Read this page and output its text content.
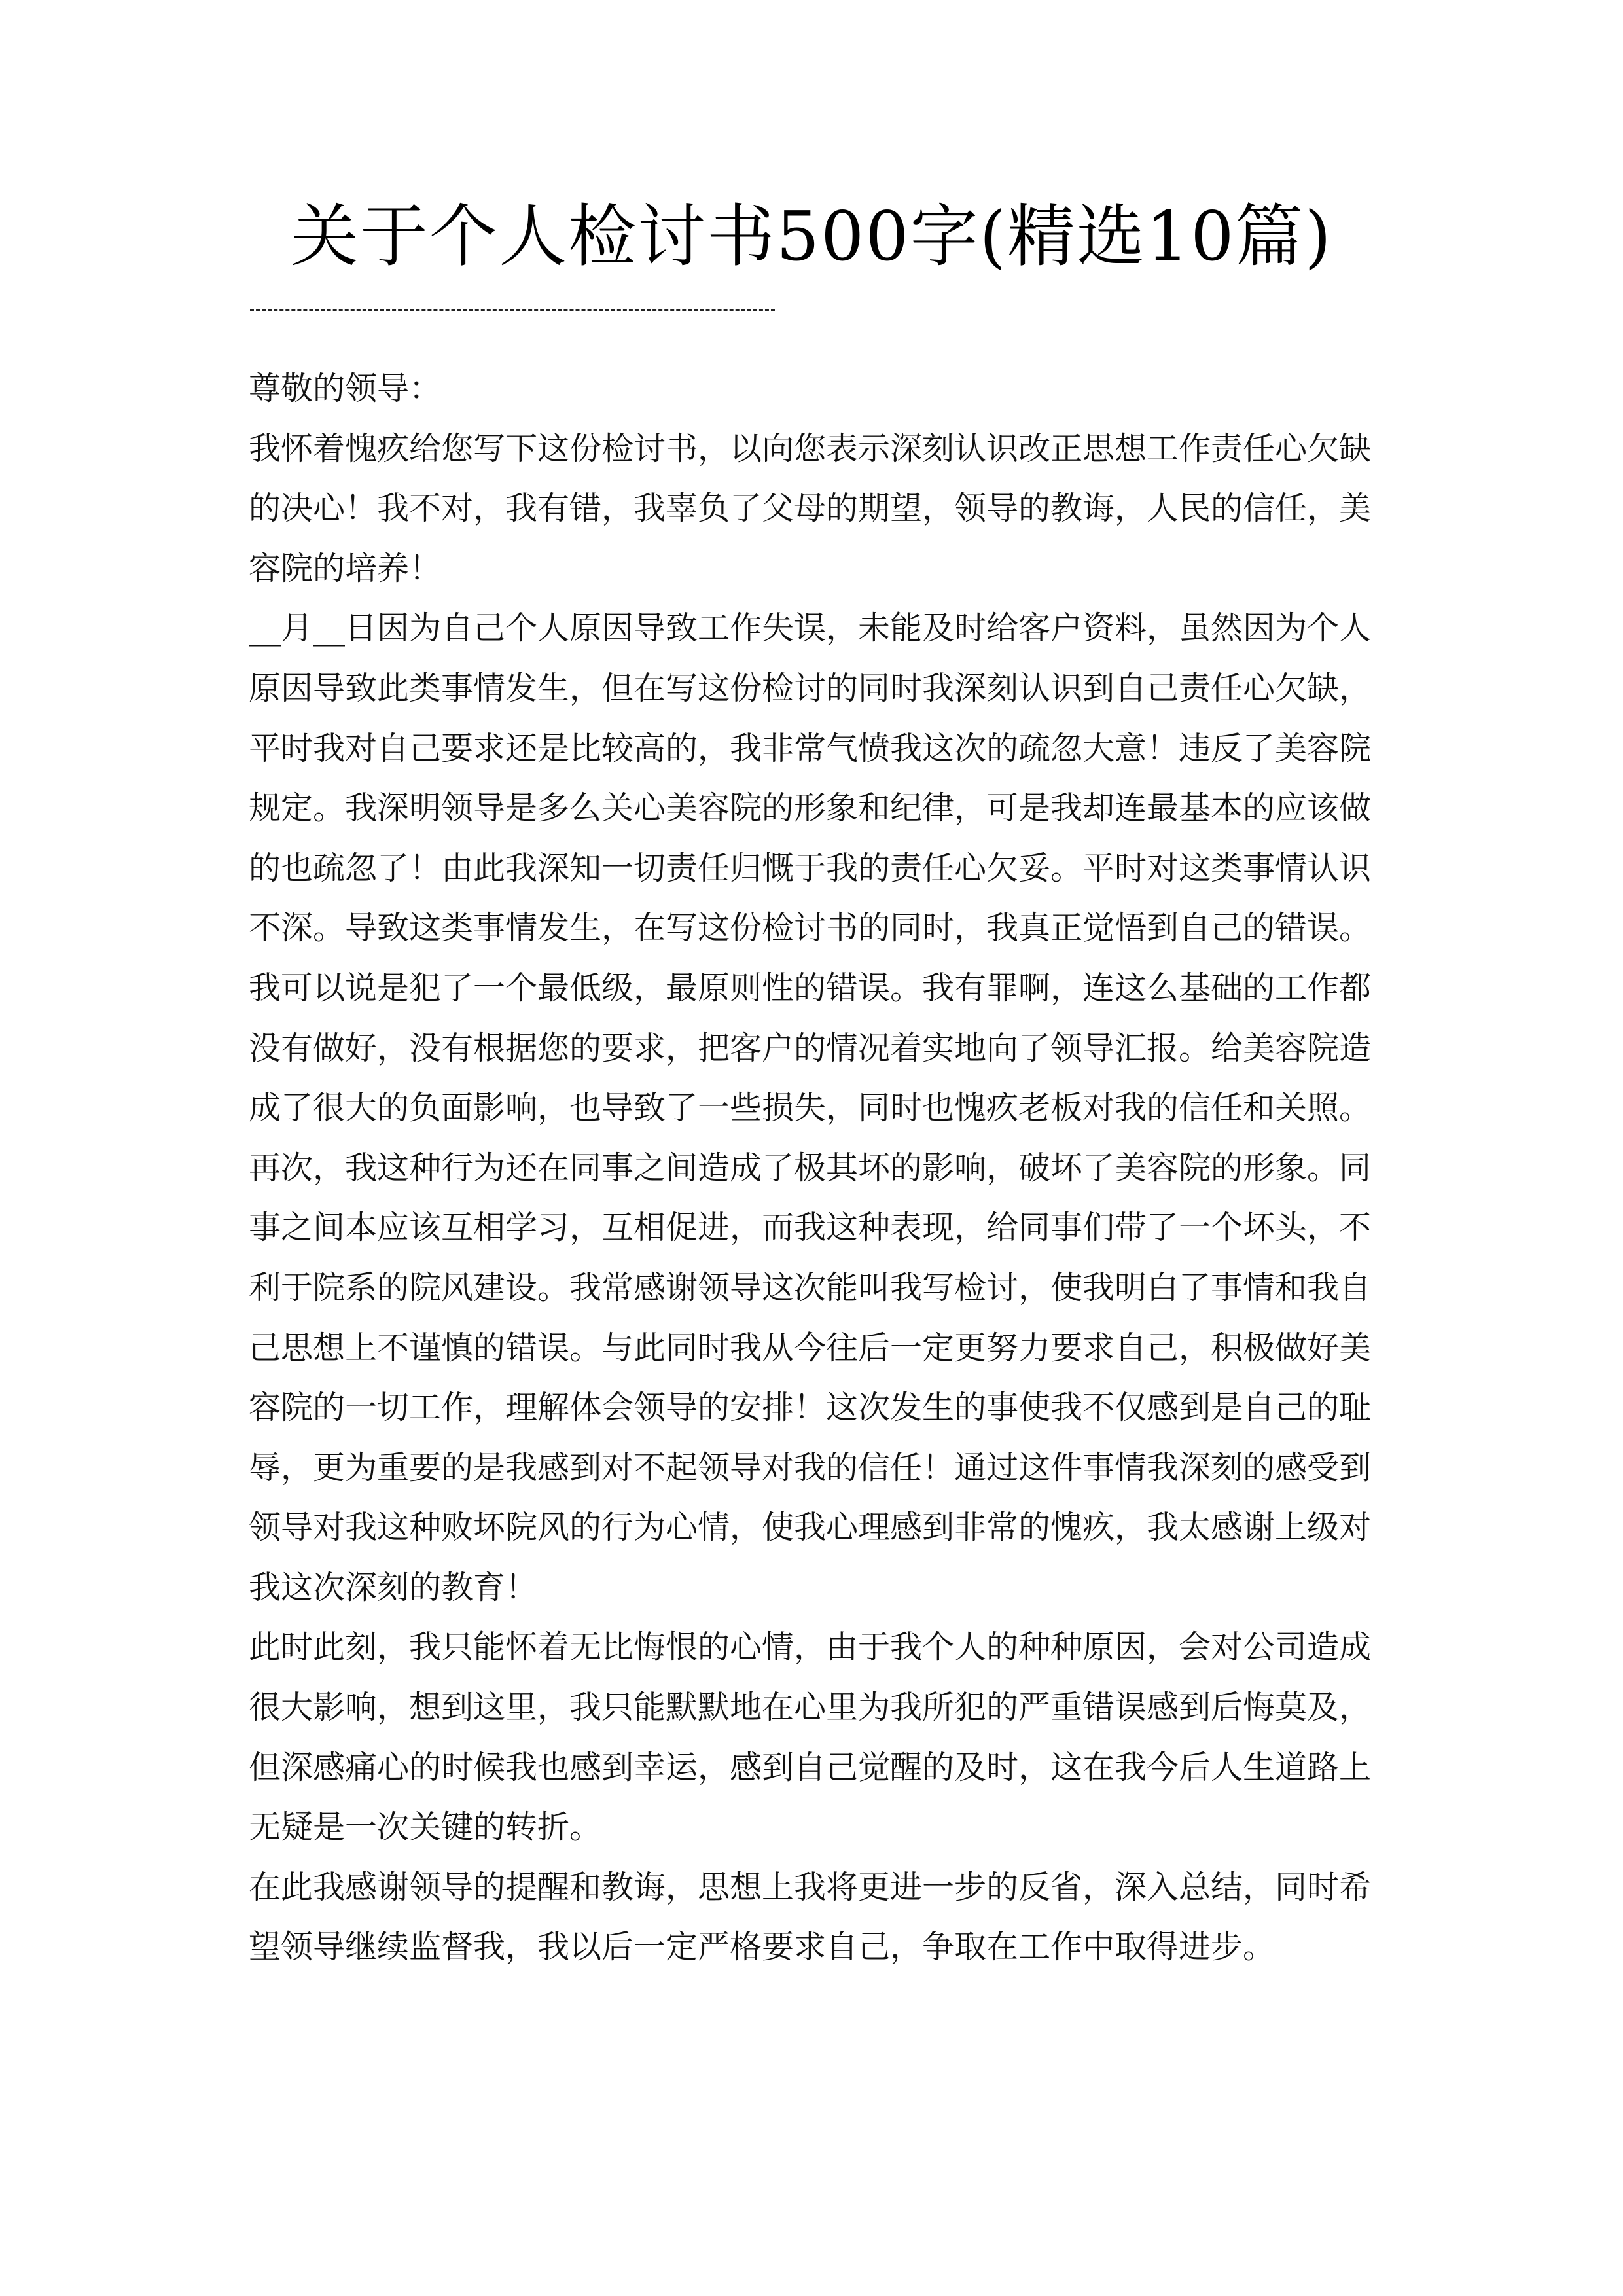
关于个人检讨书500字(精选10篇)
尊敬的领导：
我怀着愧疚给您写下这份检讨书，以向您表示深刻认识改正思想工作责任心欠缺
的决心！我不对，我有错，我辜负了父母的期望，领导的教诲，人民的信任，美
容院的培养！
__月__日因为自己个人原因导致工作失误，未能及时给客户资料，虽然因为个人
原因导致此类事情发生，但在写这份检讨的同时我深刻认识到自己责任心欠缺，
平时我对自己要求还是比较高的，我非常气愤我这次的疏忽大意！违反了美容院
规定。我深明领导是多么关心美容院的形象和纪律，可是我却连最基本的应该做
的也疏忽了！由此我深知一切责任归慨于我的责任心欠妥。平时对这类事情认识
不深。导致这类事情发生，在写这份检讨书的同时，我真正觉悟到自己的错误。
我可以说是犯了一个最低级，最原则性的错误。我有罪啊，连这么基础的工作都
没有做好，没有根据您的要求，把客户的情况着实地向了领导汇报。给美容院造
成了很大的负面影响，也导致了一些损失，同时也愧疚老板对我的信任和关照。
再次，我这种行为还在同事之间造成了极其坏的影响，破坏了美容院的形象。同
事之间本应该互相学习，互相促进，而我这种表现，给同事们带了一个坏头，不
利于院系的院风建设。我常感谢领导这次能叫我写检讨，使我明白了事情和我自
己思想上不谨慎的错误。与此同时我从今往后一定更努力要求自己，积极做好美
容院的一切工作，理解体会领导的安排！这次发生的事使我不仅感到是自己的耻
辱，更为重要的是我感到对不起领导对我的信任！通过这件事情我深刻的感受到
领导对我这种败坏院风的行为心情，使我心理感到非常的愧疚，我太感谢上级对
我这次深刻的教育！
此时此刻，我只能怀着无比悔恨的心情，由于我个人的种种原因，会对公司造成
很大影响，想到这里，我只能默默地在心里为我所犯的严重错误感到后悔莫及，
但深感痛心的时候我也感到幸运，感到自己觉醒的及时，这在我今后人生道路上
无疑是一次关键的转折。
在此我感谢领导的提醒和教诲，思想上我将更进一步的反省，深入总结，同时希
望领导继续监督我，我以后一定严格要求自己，争取在工作中取得进步。
